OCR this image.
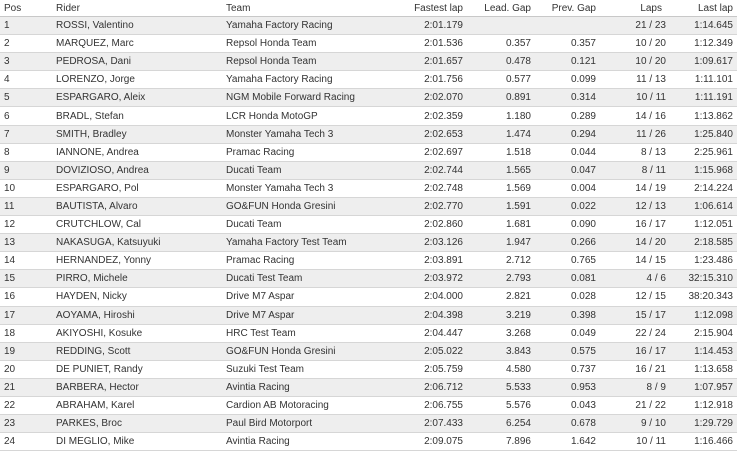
Pos	Rider	Team	Fastest lap	Lead. Gap	Prev. Gap	Laps	Last lap
1	ROSSI, Valentino	Yamaha Factory Racing	2:01.179			21 / 23	1:14.645
2	MARQUEZ, Marc	Repsol Honda Team	2:01.536	0.357	0.357	10 / 20	1:12.349
3	PEDROSA, Dani	Repsol Honda Team	2:01.657	0.478	0.121	10 / 20	1:09.617
4	LORENZO, Jorge	Yamaha Factory Racing	2:01.756	0.577	0.099	11 / 13	1:11.101
5	ESPARGARO, Aleix	NGM Mobile Forward Racing	2:02.070	0.891	0.314	10 / 11	1:11.191
6	BRADL, Stefan	LCR Honda MotoGP	2:02.359	1.180	0.289	14 / 16	1:13.862
7	SMITH, Bradley	Monster Yamaha Tech 3	2:02.653	1.474	0.294	11 / 26	1:25.840
8	IANNONE, Andrea	Pramac Racing	2:02.697	1.518	0.044	8 / 13	2:25.961
9	DOVIZIOSO, Andrea	Ducati Team	2:02.744	1.565	0.047	8 / 11	1:15.968
10	ESPARGARO, Pol	Monster Yamaha Tech 3	2:02.748	1.569	0.004	14 / 19	2:14.224
11	BAUTISTA, Alvaro	GO&FUN Honda Gresini	2:02.770	1.591	0.022	12 / 13	1:06.614
12	CRUTCHLOW, Cal	Ducati Team	2:02.860	1.681	0.090	16 / 17	1:12.051
13	NAKASUGA, Katsuyuki	Yamaha Factory Test Team	2:03.126	1.947	0.266	14 / 20	2:18.585
14	HERNANDEZ, Yonny	Pramac Racing	2:03.891	2.712	0.765	14 / 15	1:23.486
15	PIRRO, Michele	Ducati Test Team	2:03.972	2.793	0.081	4 / 6	32:15.310
16	HAYDEN, Nicky	Drive M7 Aspar	2:04.000	2.821	0.028	12 / 15	38:20.343
17	AOYAMA, Hiroshi	Drive M7 Aspar	2:04.398	3.219	0.398	15 / 17	1:12.098
18	AKIYOSHI, Kosuke	HRC Test Team	2:04.447	3.268	0.049	22 / 24	2:15.904
19	REDDING, Scott	GO&FUN Honda Gresini	2:05.022	3.843	0.575	16 / 17	1:14.453
20	DE PUNIET, Randy	Suzuki Test Team	2:05.759	4.580	0.737	16 / 21	1:13.658
21	BARBERA, Hector	Avintia Racing	2:06.712	5.533	0.953	8 / 9	1:07.957
22	ABRAHAM, Karel	Cardion AB Motoracing	2:06.755	5.576	0.043	21 / 22	1:12.918
23	PARKES, Broc	Paul Bird Motorport	2:07.433	6.254	0.678	9 / 10	1:29.729
24	DI MEGLIO, Mike	Avintia Racing	2:09.075	7.896	1.642	10 / 11	1:16.466
